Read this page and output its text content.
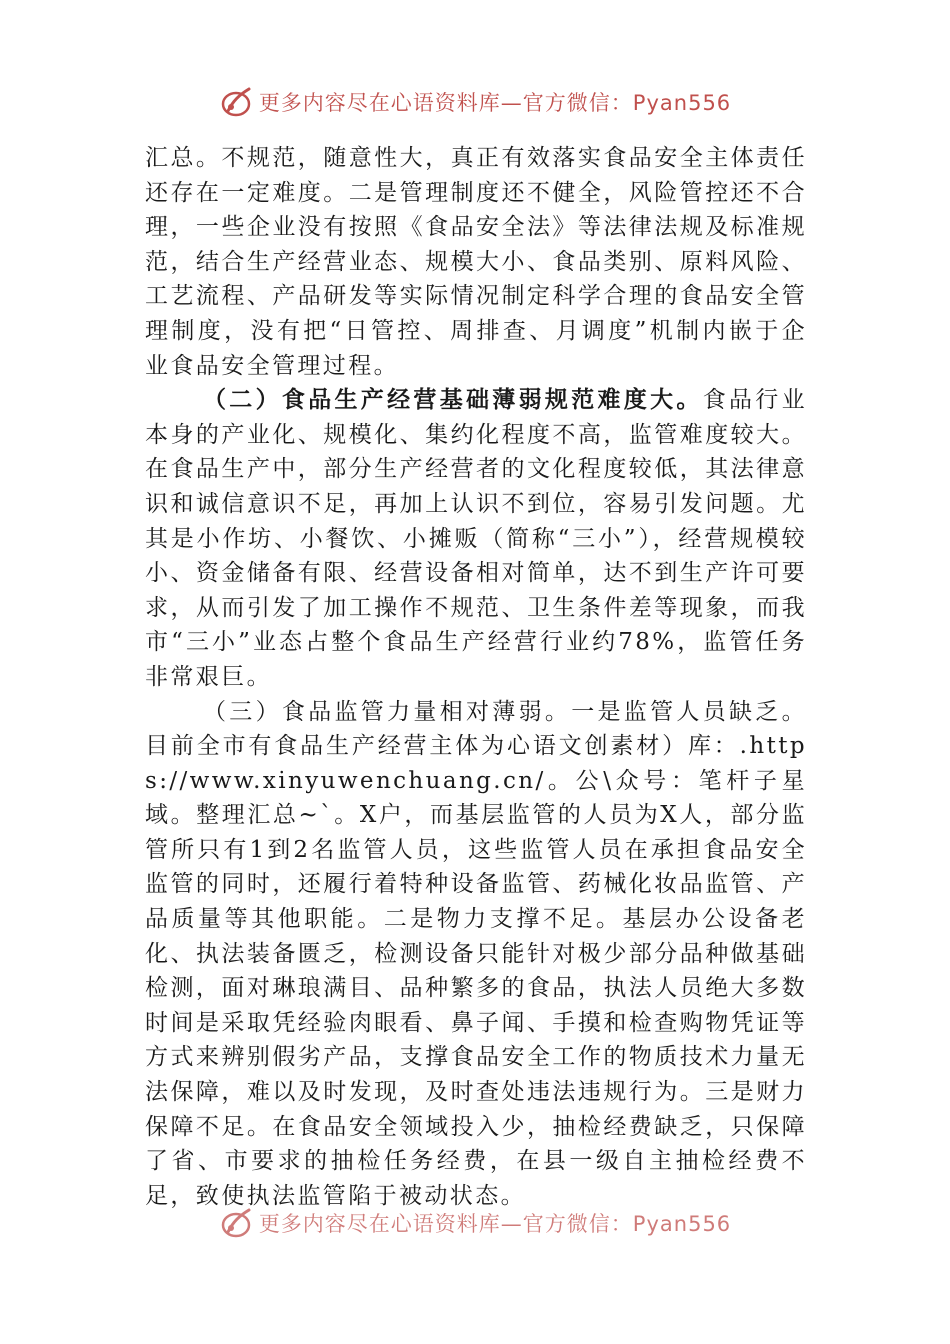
更多内容尽在心语资料库—官方微信：Pyan556

汇总。不规范，随意性大，真正有效落实食品安全主体责任还存在一定难度。二是管理制度还不健全，风险管控还不合理，一些企业没有按照《食品安全法》等法律法规及标准规范，结合生产经营业态、规模大小、食品类别、原料风险、工艺流程、产品研发等实际情况制定科学合理的食品安全管理制度，没有把“日管控、周排查、月调度”机制内嵌于企业食品安全管理过程。

（二）食品生产经营基础薄弱规范难度大。食品行业本身的产业化、规模化、集约化程度不高，监管难度较大。在食品生产中，部分生产经营者的文化程度较低，其法律意识和诚信意识不足，再加上认识不到位，容易引发问题。尤其是小作坊、小餐饮、小摊贩（简称“三小”），经营规模较小、资金储备有限、经营设备相对简单，达不到生产许可要求，从而引发了加工操作不规范、卫生条件差等现象，而我市“三小”业态占整个食品生产经营行业约78%，监管任务非常艰巨。

（三）食品监管力量相对薄弱。一是监管人员缺乏。目前全市有食品生产经营主体为心语文创素材）库：.https://www.xinyuwenchuang.cn/。公\众号：笔杆子星域。整理汇总~`。X户，而基层监管的人员为X人，部分监管所只有1到2名监管人员，这些监管人员在承担食品安全监管的同时，还履行着特种设备监管、药械化妆品监管、产品质量等其他职能。二是物力支撑不足。基层办公设备老化、执法装备匮乏，检测设备只能针对极少部分品种做基础检测，面对琳琅满目、品种繁多的食品，执法人员绝大多数时间是采取凭经验肉眼看、鼻子闻、手摸和检查购物凭证等方式来辨别假劣产品，支撑食品安全工作的物质技术力量无法保障，难以及时发现，及时查处违法违规行为。三是财力保障不足。在食品安全领域投入少，抽检经费缺乏，只保障了省、市要求的抽检任务经费，在县一级自主抽检经费不足，致使执法监管陷于被动状态。

更多内容尽在心语资料库—官方微信：Pyan556
